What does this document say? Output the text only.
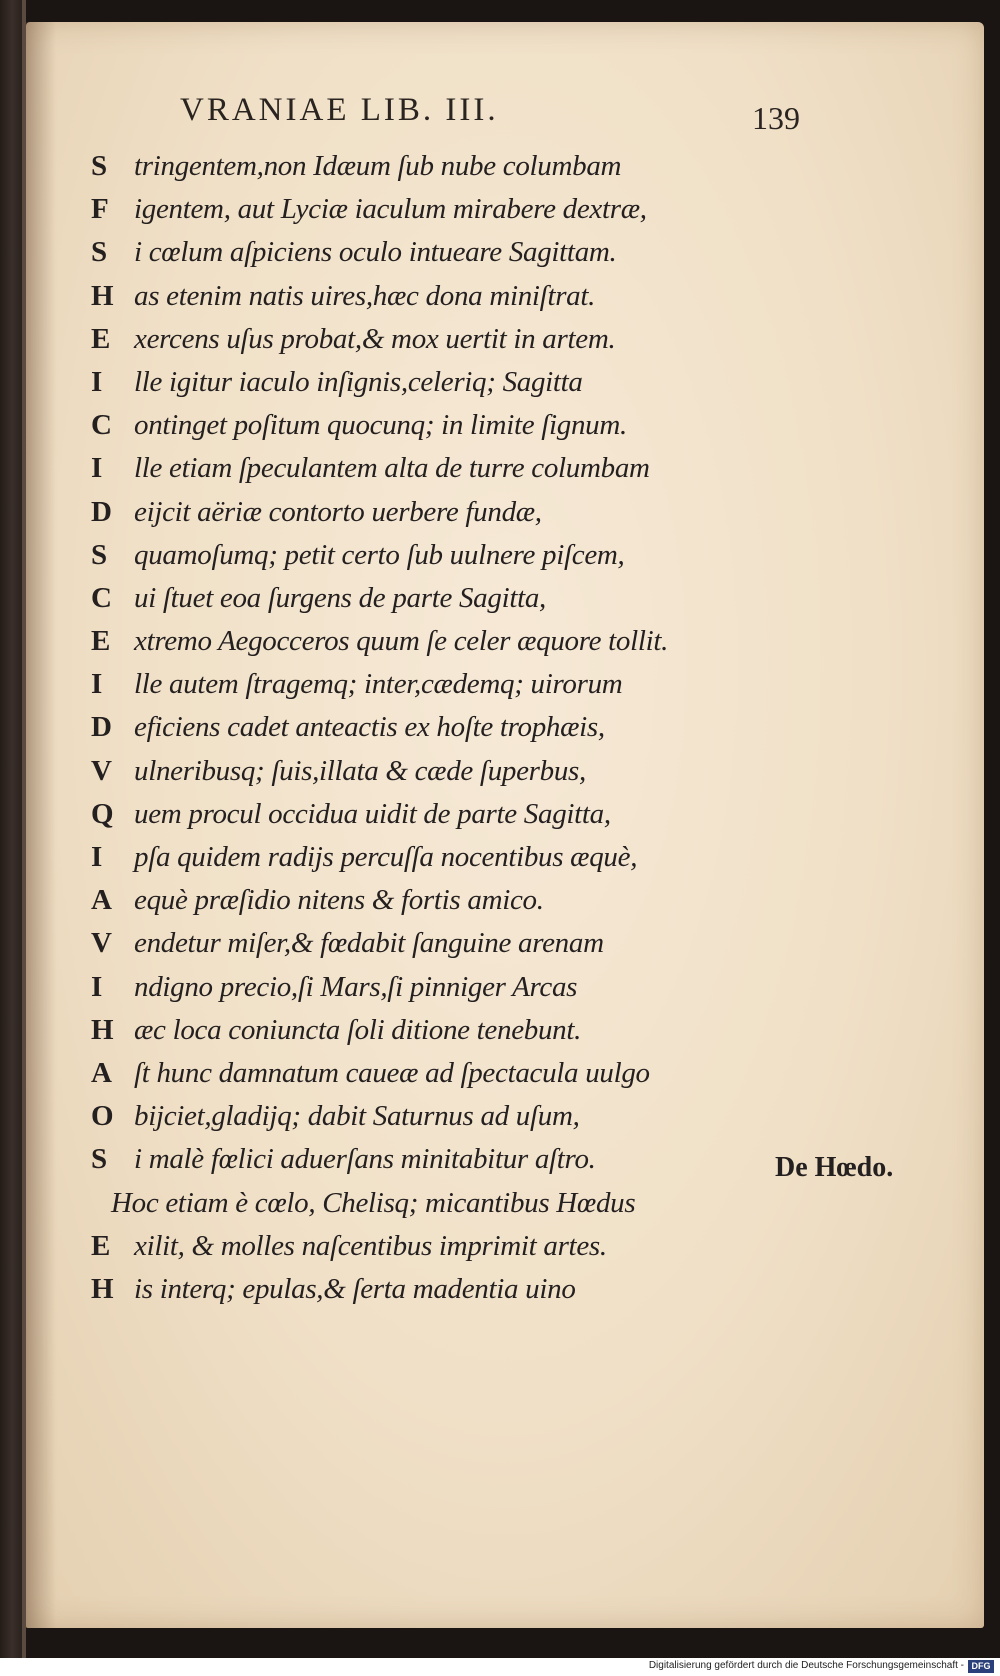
VRANIAE LIB. III.	139
S tringentem,non Idæum ſub nube columbam
F igentem, aut Lyciæ iaculum mirabere dextræ,
S i cœlum aſpiciens oculo intueare Sagittam.
H as etenim natis uires,hæc dona miniſtrat.
E xercens uſus probat,& mox uertit in artem.
I	lle igitur iaculo inſignis,celeriq; Sagitta
C ontinget poſitum quocunq; in limite ſignum.
I	lle etiam ſpeculantem alta de turre columbam
D eijcit aëriæ contorto uerbere fundæ,
S quamoſumq; petit certo ſub uulnere piſcem,
C ui ſtuet eoa ſurgens de parte Sagitta,
E xtremo Aegocceros quum ſe celer æquore tollit.
I	lle autem ſtragemq; inter,cædemq; uirorum
D eficiens cadet anteactis ex hoſte trophæis,
V ulneribusq; ſuis,illata & cæde ſuperbus,
Q uem procul occidua uidit de parte Sagitta,
I	pſa quidem radijs percuſſa nocentibus æquè,
A equè præſidio nitens & fortis amico.
V endetur miſer,& fœdabit ſanguine arenam
I	ndigno precio,ſi Mars,ſi pinniger Arcas
H æc loca coniuncta ſoli ditione tenebunt.
A ſt hunc damnatum caueæ ad ſpectacula uulgo
O bijciet,gladijq; dabit Saturnus ad uſum,
S i malè fœlici aduerſans minitabitur aſtro.
Hoc etiam è cœlo, Chelisq; micantibus Hœdus
E xilit, & molles naſcentibus imprimit artes.
H is interq; epulas,& ſerta madentia uino
De Hœdo.
Digitalisierung gefördert durch die Deutsche Forschungsgemeinschaft - DFG
